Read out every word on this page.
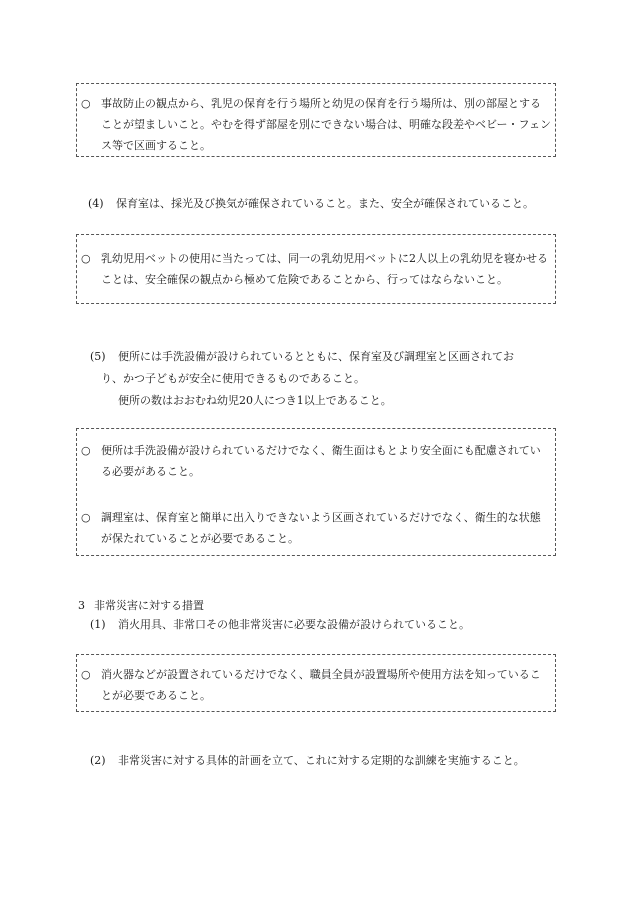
○ 事故防止の観点から、乳児の保育を行う場所と幼児の保育を行う場所は、別の部屋とすることが望ましいこと。やむを得ず部屋を別にできない場合は、明確な段差やベビー・フェンス等で区画すること。
(4) 保育室は、採光及び換気が確保されていること。また、安全が確保されていること。
○ 乳幼児用ベットの使用に当たっては、同一の乳幼児用ベットに2人以上の乳幼児を寝かせることは、安全確保の観点から極めて危険であることから、行ってはならないこと。
(5) 便所には手洗設備が設けられているとともに、保育室及び調理室と区画されてお
り、かつ子どもが安全に使用できるものであること。
便所の数はおおむね幼児20人につき1以上であること。
○ 便所は手洗設備が設けられているだけでなく、衛生面はもとより安全面にも配慮されている必要があること。
○ 調理室は、保育室と簡単に出入りできないよう区画されているだけでなく、衛生的な状態が保たれていることが必要であること。
3 非常災害に対する措置
(1) 消火用具、非常口その他非常災害に必要な設備が設けられていること。
○ 消火器などが設置されているだけでなく、職員全員が設置場所や使用方法を知っていることが必要であること。
(2) 非常災害に対する具体的計画を立て、これに対する定期的な訓練を実施すること。
